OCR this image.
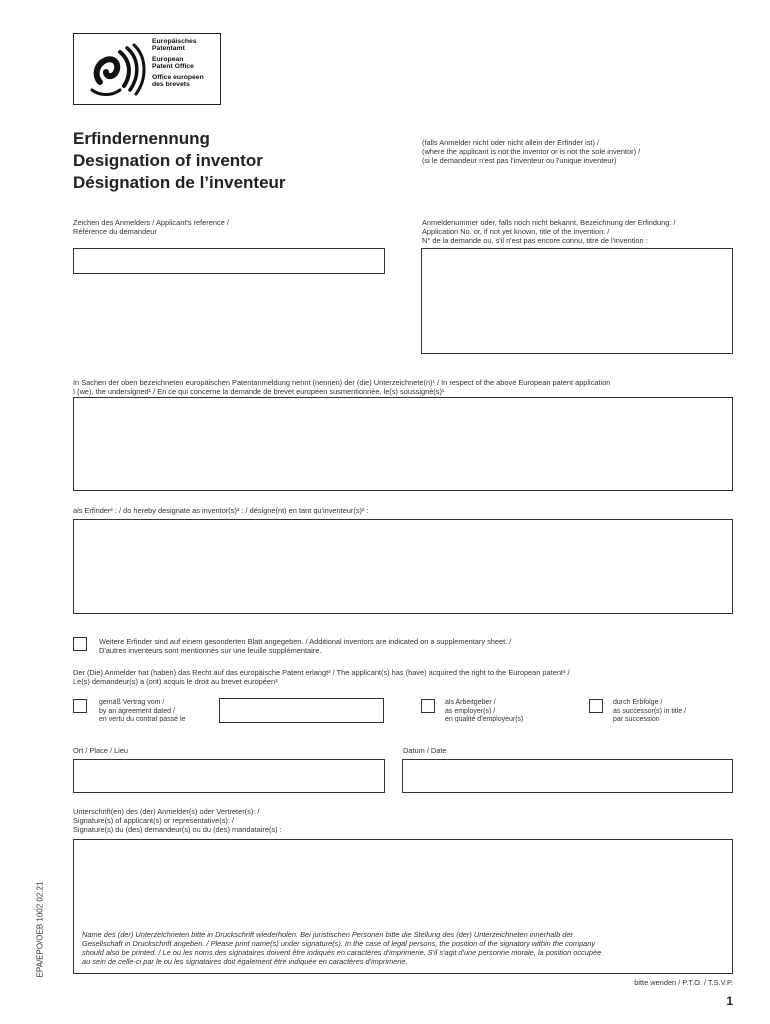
Europäisches
Patentamt
European
Patent Office
Office européen
des brevets
Erfindernennung
Designation of inventor
Désignation de l’inventeur
(falls Anmelder nicht oder nicht allein der Erfinder ist) /
(where the applicant is not the inventor or is not the sole inventor) /
(si le demandeur n'est pas l'inventeur ou l'unique inventeur)
Zeichen des Anmelders / Applicant's reference /
Référence du demandeur
Anmeldenummer oder, falls noch nicht bekannt, Bezeichnung der Erfindung: /
Application No. or, if not yet known, title of the invention: /
N° de la demande ou, s'il n'est pas encore connu, titre de l'invention :
In Sachen der oben bezeichneten europäischen Patentanmeldung nennt (nennen) der (die) Unterzeichnete(n)¹ / In respect of the above European patent application
I (we), the undersigned¹ / En ce qui concerne la demande de brevet européen susmentionnée, le(s) soussigné(s)¹
als Erfinder² : / do hereby designate as inventor(s)² : / désigne(nt) en tant qu'inventeur(s)² :
Weitere Erfinder sind auf einem gesonderten Blatt angegeben. / Additional inventors are indicated on a supplementary sheet. /
D'autres inventeurs sont mentionnés sur une feuille supplémentaire.
Der (Die) Anmelder hat (haben) das Recht auf das europäische Patent erlangt³ / The applicant(s) has (have) acquired the right to the European patent³ /
Le(s) demandeur(s) a (ont) acquis le droit au brevet européen³
gemäß Vertrag vom /
by an agreement dated /
en vertu du contrat passé le
als Arbeitgeber /
as employer(s) /
en qualité d'employeur(s)
durch Erbfolge /
as successor(s) in title /
par succession
Ort / Place / Lieu	Datum / Date
Unterschrift(en) des (der) Anmelder(s) oder Vertreter(s): /
Signature(s) of applicant(s) or representative(s): /
Signature(s) du (des) demandeur(s) ou du (des) mandataire(s) :
Name des (der) Unterzeichneten bitte in Druckschrift wiederholen. Bei juristischen Personen bitte die Stellung des (der) Unterzeichneten innerhalb der
Gesellschaft in Druckschrift angeben. / Please print name(s) under signature(s). In the case of legal persons, the position of the signatory within the company
should also be printed. / Le ou les noms des signataires doivent être indiqués en caractères d'imprimerie. S'il s'agit d'une personne morale, la position occupée
au sein de celle-ci par le ou les signataires doit également être indiquée en caractères d'imprimerie.
bitte wenden / P.T.O. / T.S.V.P.
1
EPA/EPO/OEB 1002 02.21
